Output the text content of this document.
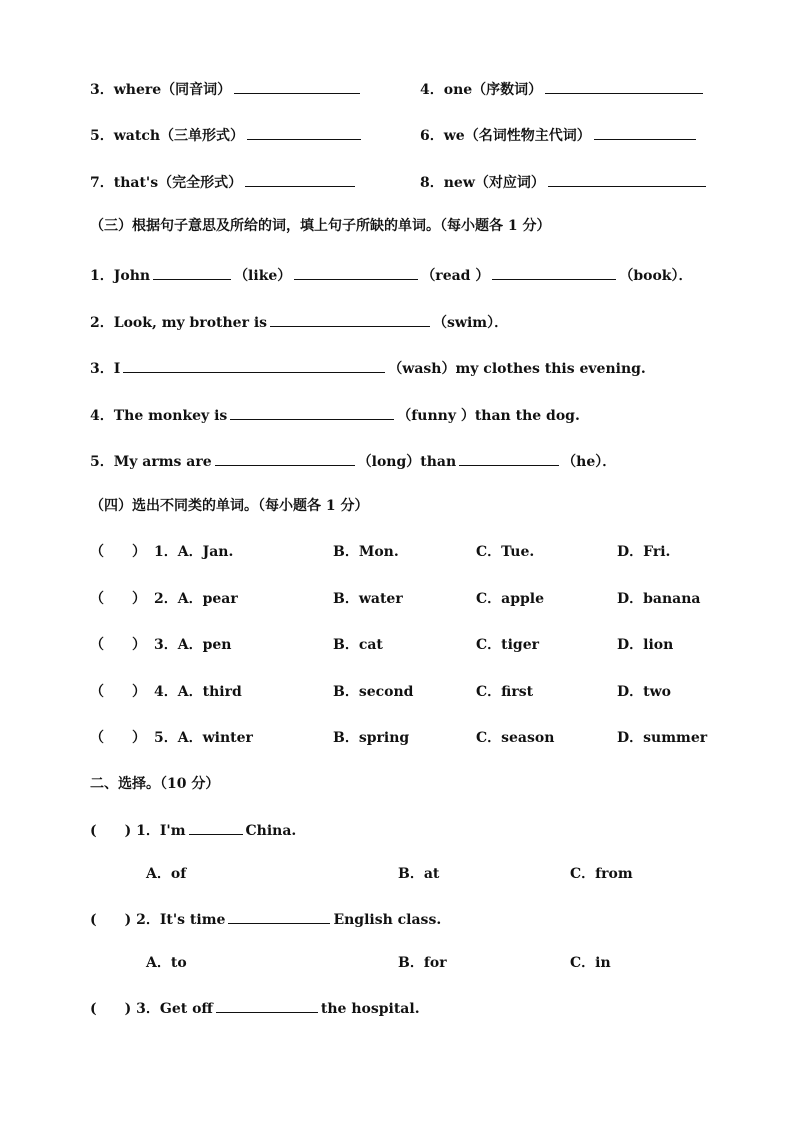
3．where（同音词）	4．one（序数词）
5．watch（三单形式）	6．we（名词性物主代词）
7．that's（完全形式）	8．new（对应词）
（三）根据句子意思及所给的词，填上句子所缺的单词。（每小题各 1 分）
1．John	（like）	（read ）	（book）．
2．Look, my brother is	（swim）．
3．I	（wash）my clothes this evening.
4．The monkey is	（funny ）than the dog.
5．My arms are	（long）than	（he）．
（四）选出不同类的单词。（每小题各 1 分）
（　　） 1．A．Jan.	B．Mon.	C．Tue.	D．Fri.
（　　） 2．A．pear	B．water	C．apple	D．banana
（　　） 3．A．pen	B．cat	C．tiger	D．lion
（　　） 4．A．third	B．second	C．first	D．two
（　　） 5．A．winter	B．spring	C．season	D．summer
二、选择。（10 分）
(　　) 1．I'm	China.
A．of	B．at	C．from
(　　) 2．It's time	English class.
A．to	B．for	C．in
(　　) 3．Get off	the hospital.
